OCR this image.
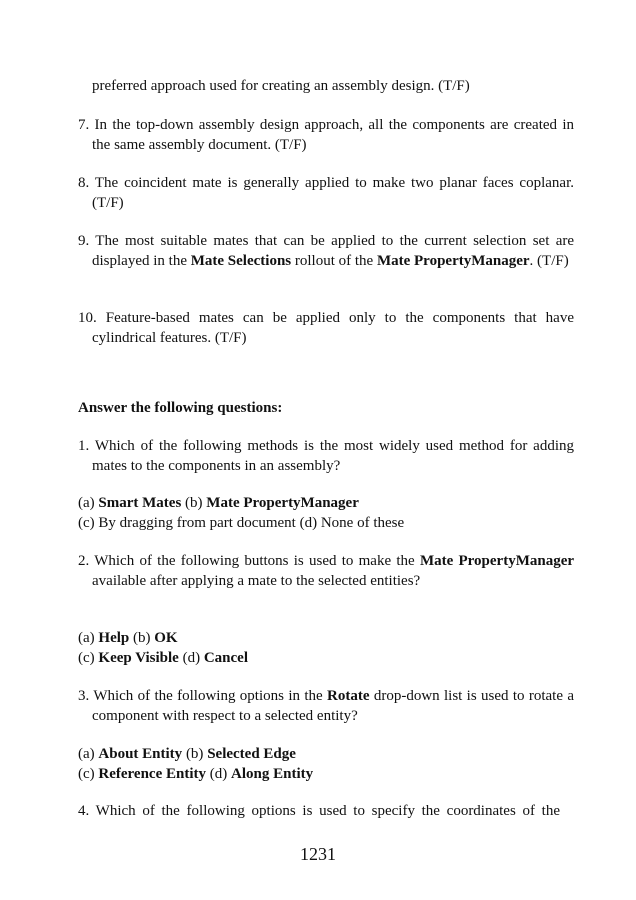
preferred approach used for creating an assembly design. (T/F)
7. In the top-down assembly design approach, all the components are created in the same assembly document. (T/F)
8. The coincident mate is generally applied to make two planar faces coplanar. (T/F)
9. The most suitable mates that can be applied to the current selection set are displayed in the Mate Selections rollout of the Mate PropertyManager. (T/F)
10. Feature-based mates can be applied only to the components that have cylindrical features. (T/F)
Answer the following questions:
1. Which of the following methods is the most widely used method for adding mates to the components in an assembly?
(a) Smart Mates (b) Mate PropertyManager
(c) By dragging from part document (d) None of these
2. Which of the following buttons is used to make the Mate PropertyManager available after applying a mate to the selected entities?
(a) Help (b) OK
(c) Keep Visible (d) Cancel
3. Which of the following options in the Rotate drop-down list is used to rotate a component with respect to a selected entity?
(a) About Entity (b) Selected Edge
(c) Reference Entity (d) Along Entity
4. Which of the following options is used to specify the coordinates of the
1231
